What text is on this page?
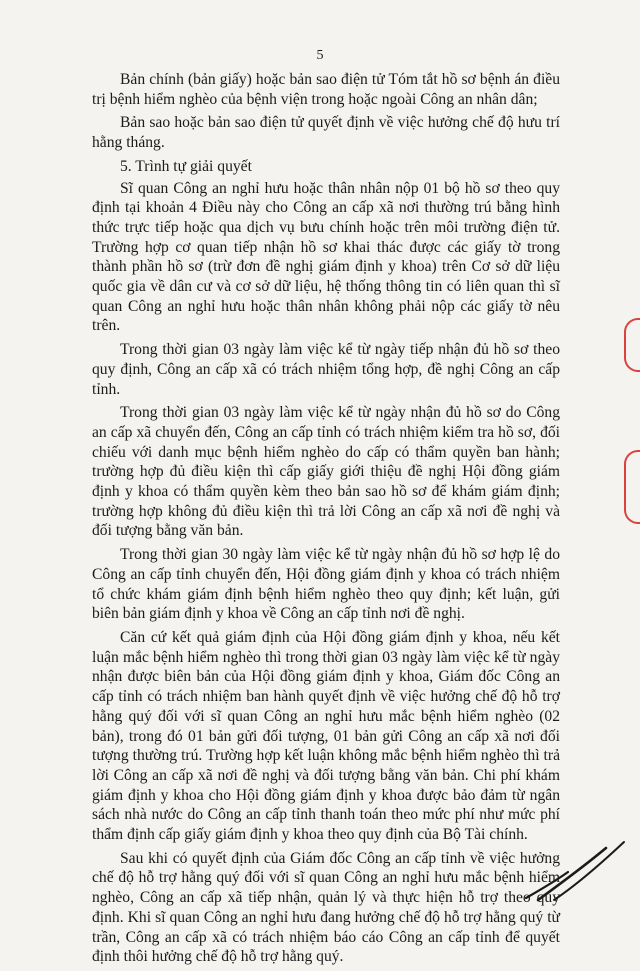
5

Bản chính (bản giấy) hoặc bản sao điện tử Tóm tắt hồ sơ bệnh án điều trị bệnh hiểm nghèo của bệnh viện trong hoặc ngoài Công an nhân dân;

Bản sao hoặc bản sao điện tử quyết định về việc hưởng chế độ hưu trí hằng tháng.

5. Trình tự giải quyết

Sĩ quan Công an nghỉ hưu hoặc thân nhân nộp 01 bộ hồ sơ theo quy định tại khoản 4 Điều này cho Công an cấp xã nơi thường trú bằng hình thức trực tiếp hoặc qua dịch vụ bưu chính hoặc trên môi trường điện tử. Trường hợp cơ quan tiếp nhận hồ sơ khai thác được các giấy tờ trong thành phần hồ sơ (trừ đơn đề nghị giám định y khoa) trên Cơ sở dữ liệu quốc gia về dân cư và cơ sở dữ liệu, hệ thống thông tin có liên quan thì sĩ quan Công an nghỉ hưu hoặc thân nhân không phải nộp các giấy tờ nêu trên.

Trong thời gian 03 ngày làm việc kể từ ngày tiếp nhận đủ hồ sơ theo quy định, Công an cấp xã có trách nhiệm tổng hợp, đề nghị Công an cấp tỉnh.

Trong thời gian 03 ngày làm việc kể từ ngày nhận đủ hồ sơ do Công an cấp xã chuyển đến, Công an cấp tỉnh có trách nhiệm kiểm tra hồ sơ, đối chiếu với danh mục bệnh hiểm nghèo do cấp có thẩm quyền ban hành; trường hợp đủ điều kiện thì cấp giấy giới thiệu đề nghị Hội đồng giám định y khoa có thẩm quyền kèm theo bản sao hồ sơ để khám giám định; trường hợp không đủ điều kiện thì trả lời Công an cấp xã nơi đề nghị và đối tượng bằng văn bản.

Trong thời gian 30 ngày làm việc kể từ ngày nhận đủ hồ sơ hợp lệ do Công an cấp tỉnh chuyển đến, Hội đồng giám định y khoa có trách nhiệm tổ chức khám giám định bệnh hiểm nghèo theo quy định; kết luận, gửi biên bản giám định y khoa về Công an cấp tỉnh nơi đề nghị.

Căn cứ kết quả giám định của Hội đồng giám định y khoa, nếu kết luận mắc bệnh hiểm nghèo thì trong thời gian 03 ngày làm việc kể từ ngày nhận được biên bản của Hội đồng giám định y khoa, Giám đốc Công an cấp tỉnh có trách nhiệm ban hành quyết định về việc hưởng chế độ hỗ trợ hằng quý đối với sĩ quan Công an nghỉ hưu mắc bệnh hiểm nghèo (02 bản), trong đó 01 bản gửi đối tượng, 01 bản gửi Công an cấp xã nơi đối tượng thường trú. Trường hợp kết luận không mắc bệnh hiểm nghèo thì trả lời Công an cấp xã nơi đề nghị và đối tượng bằng văn bản. Chi phí khám giám định y khoa cho Hội đồng giám định y khoa được bảo đảm từ ngân sách nhà nước do Công an cấp tỉnh thanh toán theo mức phí như mức phí thẩm định cấp giấy giám định y khoa theo quy định của Bộ Tài chính.

Sau khi có quyết định của Giám đốc Công an cấp tỉnh về việc hưởng chế độ hỗ trợ hằng quý đối với sĩ quan Công an nghỉ hưu mắc bệnh hiểm nghèo, Công an cấp xã tiếp nhận, quản lý và thực hiện hỗ trợ theo quy định. Khi sĩ quan Công an nghỉ hưu đang hưởng chế độ hỗ trợ hằng quý từ trần, Công an cấp xã có trách nhiệm báo cáo Công an cấp tỉnh để quyết định thôi hưởng chế độ hỗ trợ hằng quý.
